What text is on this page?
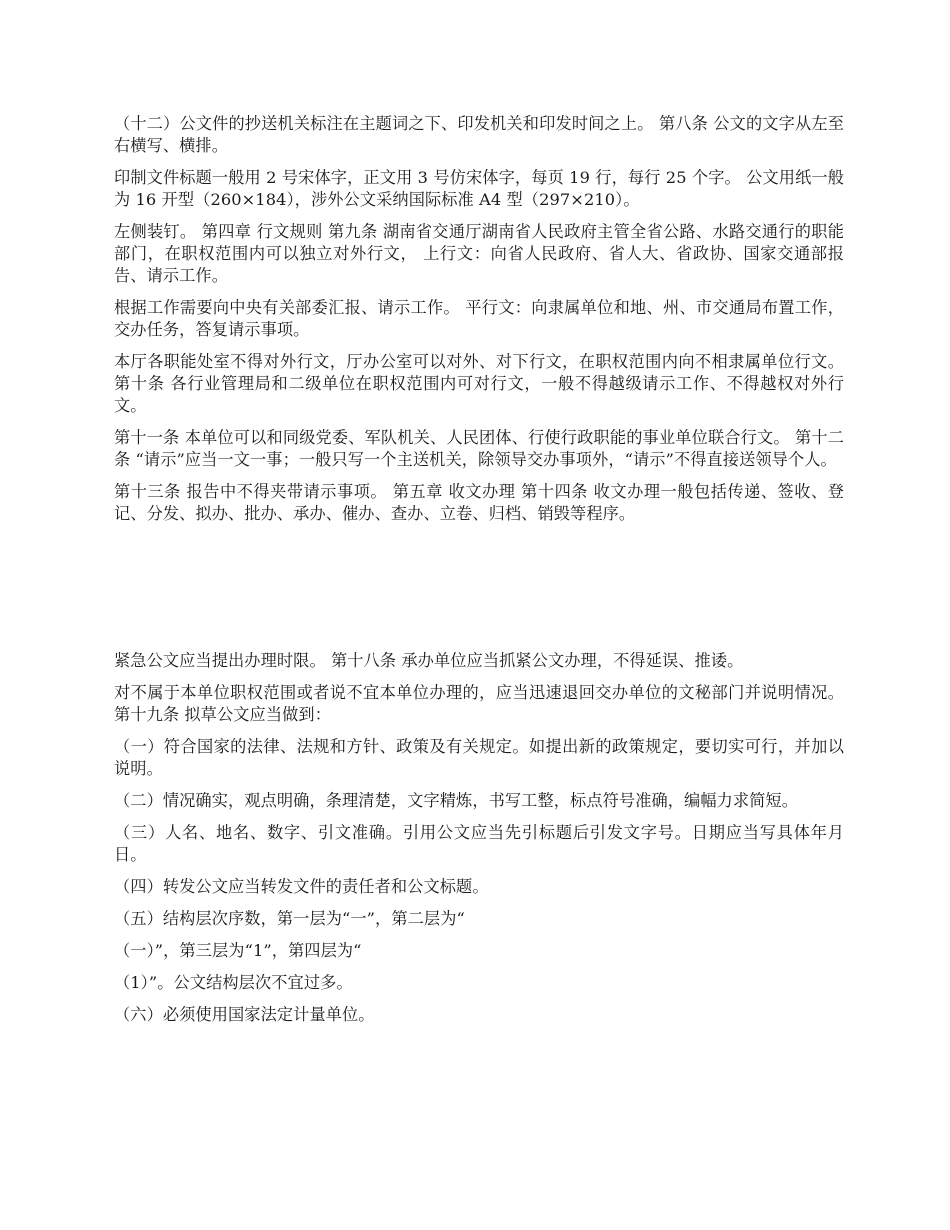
（十二）公文件的抄送机关标注在主题词之下、印发机关和印发时间之上。 第八条 公文的文字从左至右横写、横排。

印制文件标题一般用 2 号宋体字，正文用 3 号仿宋体字，每页 19 行，每行 25 个字。 公文用纸一般为 16 开型（260×184），涉外公文采纳国际标准 A4 型（297×210）。

左侧装钉。 第四章 行文规则 第九条 湖南省交通厅湖南省人民政府主管全省公路、水路交通行的职能部门，在职权范围内可以独立对外行文， 上行文：向省人民政府、省人大、省政协、国家交通部报告、请示工作。

根据工作需要向中央有关部委汇报、请示工作。 平行文：向隶属单位和地、州、市交通局布置工作，交办任务，答复请示事项。

本厅各职能处室不得对外行文，厅办公室可以对外、对下行文，在职权范围内向不相隶属单位行文。 第十条 各行业管理局和二级单位在职权范围内可对行文，一般不得越级请示工作、不得越权对外行文。

第十一条 本单位可以和同级党委、军队机关、人民团体、行使行政职能的事业单位联合行文。 第十二条 “请示”应当一文一事；一般只写一个主送机关，除领导交办事项外，“请示”不得直接送领导个人。

第十三条 报告中不得夹带请示事项。 第五章 收文办理 第十四条 收文办理一般包括传递、签收、登记、分发、拟办、批办、承办、催办、查办、立卷、归档、销毁等程序。

紧急公文应当提出办理时限。 第十八条 承办单位应当抓紧公文办理，不得延误、推诿。

对不属于本单位职权范围或者说不宜本单位办理的，应当迅速退回交办单位的文秘部门并说明情况。 第十九条 拟草公文应当做到：

（一）符合国家的法律、法规和方针、政策及有关规定。如提出新的政策规定，要切实可行，并加以说明。

（二）情况确实，观点明确，条理清楚，文字精炼，书写工整，标点符号准确，编幅力求简短。

（三）人名、地名、数字、引文准确。引用公文应当先引标题后引发文字号。日期应当写具体年月日。

（四）转发公文应当转发文件的责任者和公文标题。

（五）结构层次序数，第一层为“一”，第二层为“

（一）”，第三层为“1”，第四层为“

（1）”。公文结构层次不宜过多。

（六）必须使用国家法定计量单位。
